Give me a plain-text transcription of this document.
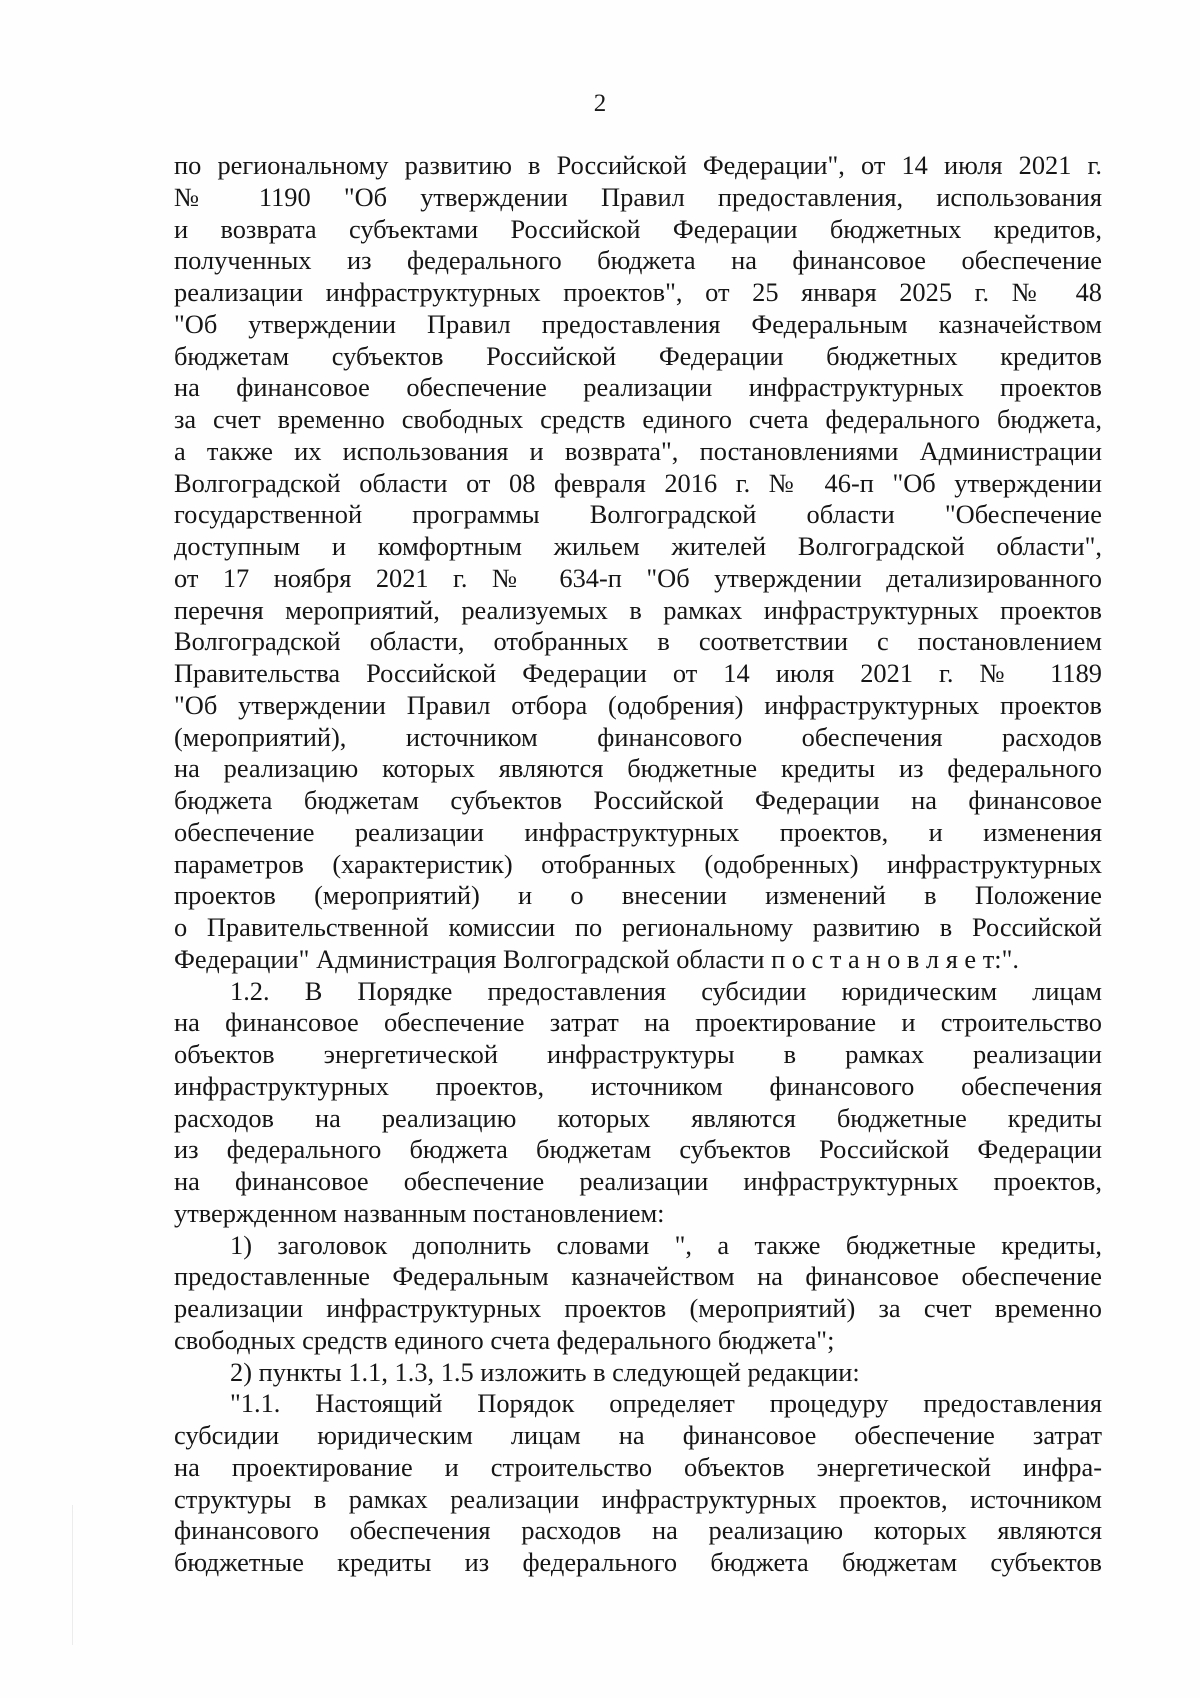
2
по региональному развитию в Российской Федерации", от 14 июля 2021 г.
№ 1190 "Об утверждении Правил предоставления, использования
и возврата субъектами Российской Федерации бюджетных кредитов,
полученных из федерального бюджета на финансовое обеспечение
реализации инфраструктурных проектов", от 25 января 2025 г. № 48
"Об утверждении Правил предоставления Федеральным казначейством
бюджетам субъектов Российской Федерации бюджетных кредитов
на финансовое обеспечение реализации инфраструктурных проектов
за счет временно свободных средств единого счета федерального бюджета,
а также их использования и возврата", постановлениями Администрации
Волгоградской области от 08 февраля 2016 г. № 46-п "Об утверждении
государственной программы Волгоградской области "Обеспечение
доступным и комфортным жильем жителей Волгоградской области",
от 17 ноября 2021 г. № 634-п "Об утверждении детализированного
перечня мероприятий, реализуемых в рамках инфраструктурных проектов
Волгоградской области, отобранных в соответствии с постановлением
Правительства Российской Федерации от 14 июля 2021 г. № 1189
"Об утверждении Правил отбора (одобрения) инфраструктурных проектов
(мероприятий), источником финансового обеспечения расходов
на реализацию которых являются бюджетные кредиты из федерального
бюджета бюджетам субъектов Российской Федерации на финансовое
обеспечение реализации инфраструктурных проектов, и изменения
параметров (характеристик) отобранных (одобренных) инфраструктурных
проектов (мероприятий) и о внесении изменений в Положение
о Правительственной комиссии по региональному развитию в Российской
Федерации" Администрация Волгоградской области п о с т а н о в л я е т:".
1.2. В Порядке предоставления субсидии юридическим лицам
на финансовое обеспечение затрат на проектирование и строительство
объектов энергетической инфраструктуры в рамках реализации
инфраструктурных проектов, источником финансового обеспечения
расходов на реализацию которых являются бюджетные кредиты
из федерального бюджета бюджетам субъектов Российской Федерации
на финансовое обеспечение реализации инфраструктурных проектов,
утвержденном названным постановлением:
1) заголовок дополнить словами ", а также бюджетные кредиты,
предоставленные Федеральным казначейством на финансовое обеспечение
реализации инфраструктурных проектов (мероприятий) за счет временно
свободных средств единого счета федерального бюджета";
2) пункты 1.1, 1.3, 1.5 изложить в следующей редакции:
"1.1. Настоящий Порядок определяет процедуру предоставления
субсидии юридическим лицам на финансовое обеспечение затрат
на проектирование и строительство объектов энергетической инфра-
структуры в рамках реализации инфраструктурных проектов, источником
финансового обеспечения расходов на реализацию которых являются
бюджетные кредиты из федерального бюджета бюджетам субъектов
